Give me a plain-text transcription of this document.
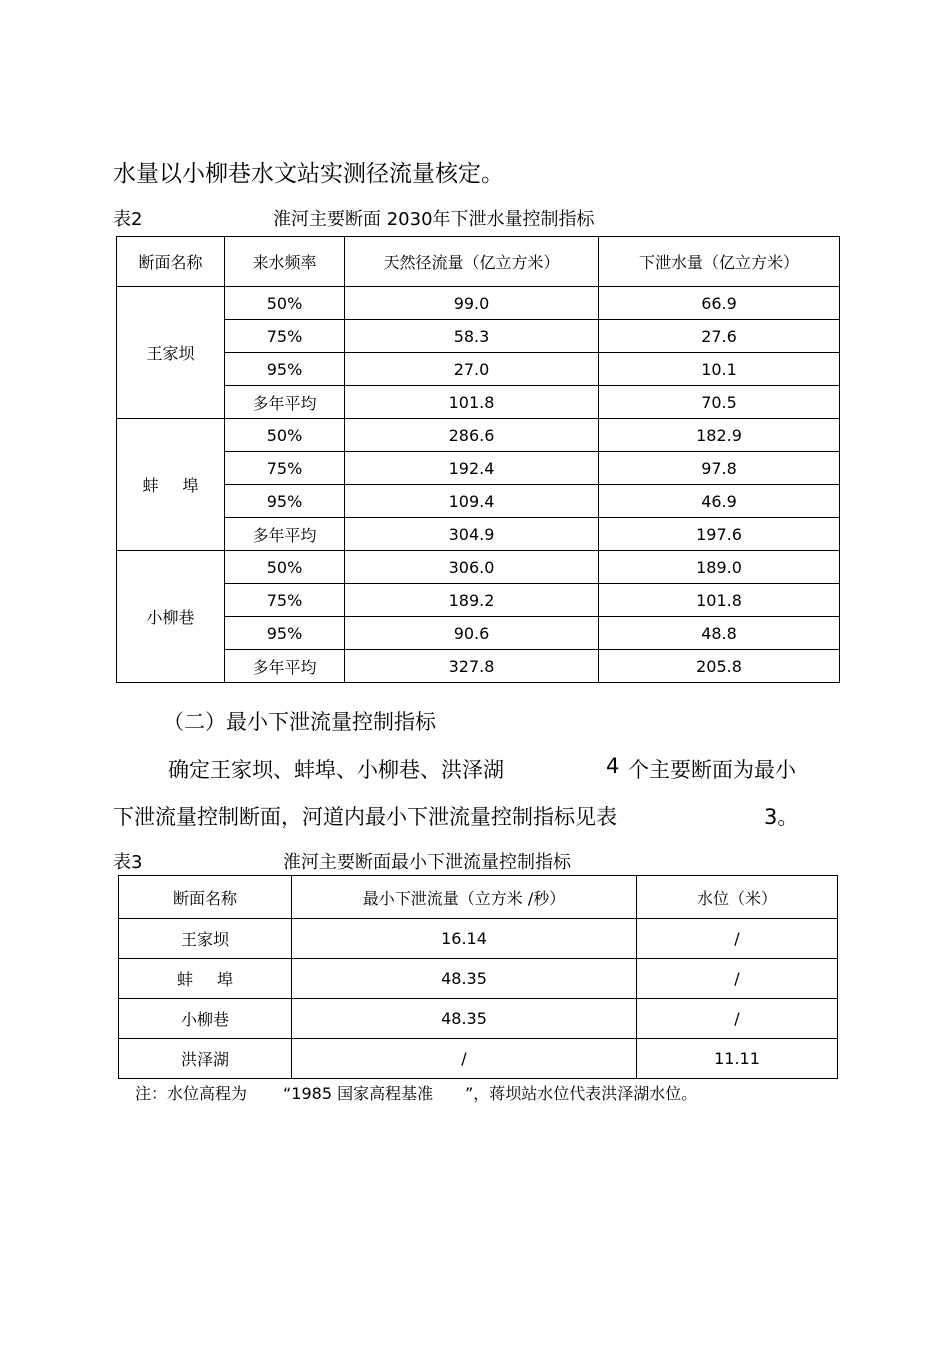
水量以小柳巷水文站实测径流量核定。
表2	淮河主要断面 2030年下泄水量控制指标
断面名称	来水频率	天然径流量（亿立方米）	下泄水量（亿立方米）
王家坝	50%	99.0	66.9
	75%	58.3	27.6
	95%	27.0	10.1
	多年平均	101.8	70.5
蚌埠	50%	286.6	182.9
	75%	192.4	97.8
	95%	109.4	46.9
	多年平均	304.9	197.6
小柳巷	50%	306.0	189.0
	75%	189.2	101.8
	95%	90.6	48.8
	多年平均	327.8	205.8
（二）最小下泄流量控制指标
确定王家坝、蚌埠、小柳巷、洪泽湖	4 个主要断面为最小
下泄流量控制断面，河道内最小下泄流量控制指标见表	3。
表3	淮河主要断面最小下泄流量控制指标
断面名称	最小下泄流量（立方米 /秒）	水位（米）
王家坝	16.14	/
蚌埠	48.35	/
小柳巷	48.35	/
洪泽湖	/	11.11
注：水位高程为 “1985 国家高程基准 ”，蒋坝站水位代表洪泽湖水位。
